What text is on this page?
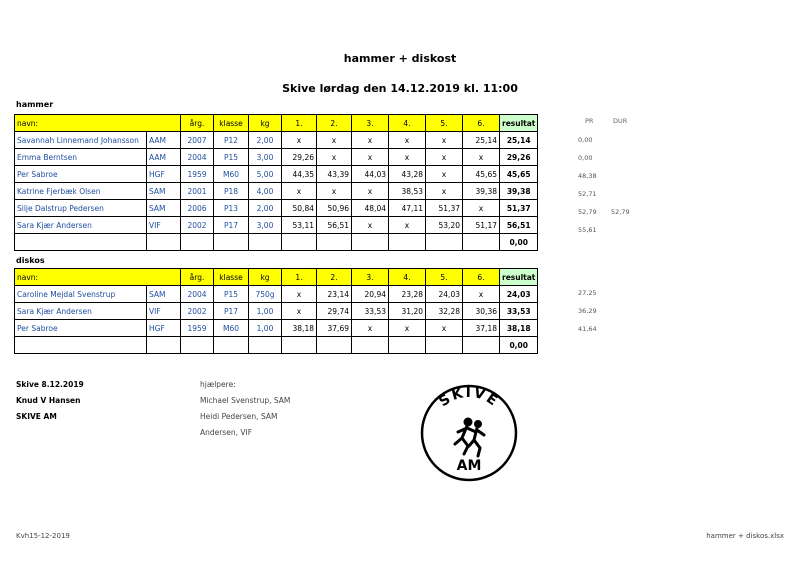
hammer + diskost
Skive lørdag den 14.12.2019 kl. 11:00
hammer
navn:		årg.	klasse	kg	1.	2.	3.	4.	5.	6.	resultat
Savannah Linnemand Johansson	AAM	2007	P12	2,00	x	x	x	x	x	25,14	25,14
Emma Berntsen	AAM	2004	P15	3,00	29,26	x	x	x	x	x	29,26
Per Sabroe	HGF	1959	M60	5,00	44,35	43,39	44,03	43,28	x	45,65	45,65
Katrine Fjerbæk Olsen	SAM	2001	P18	4,00	x	x	x	38,53	x	39,38	39,38
Silje Dalstrup Pedersen	SAM	2006	P13	2,00	50,84	50,96	48,04	47,11	51,37	x	51,37
Sara Kjær Andersen	VIF	2002	P17	3,00	53,11	56,51	x	x	53,20	51,17	56,51
											0,00
diskos
navn:		årg.	klasse	kg	1.	2.	3.	4.	5.	6.	resultat
Caroline Mejdal Svenstrup	SAM	2004	P15	750g	x	23,14	20,94	23,28	24,03	x	24,03
Sara Kjær Andersen	VIF	2002	P17	1,00	x	29,74	33,53	31,20	32,28	30,36	33,53
Per Sabroe	HGF	1959	M60	1,00	38,18	37,69	x	x	x	37,18	38,18
											0,00
PR	DUR
0,00
0,00
48,38
52,71
52,79 52,79
55,61
27,25
36,29
41,64
Skive 8.12.2019
Knud V Hansen
SKIVE AM
hjælpere:
Michael Svenstrup, SAM
Heidi Pedersen, SAM
Andersen, VIF
SKIVE
AM
Kvh15-12-2019	hammer + diskos.xlsx
